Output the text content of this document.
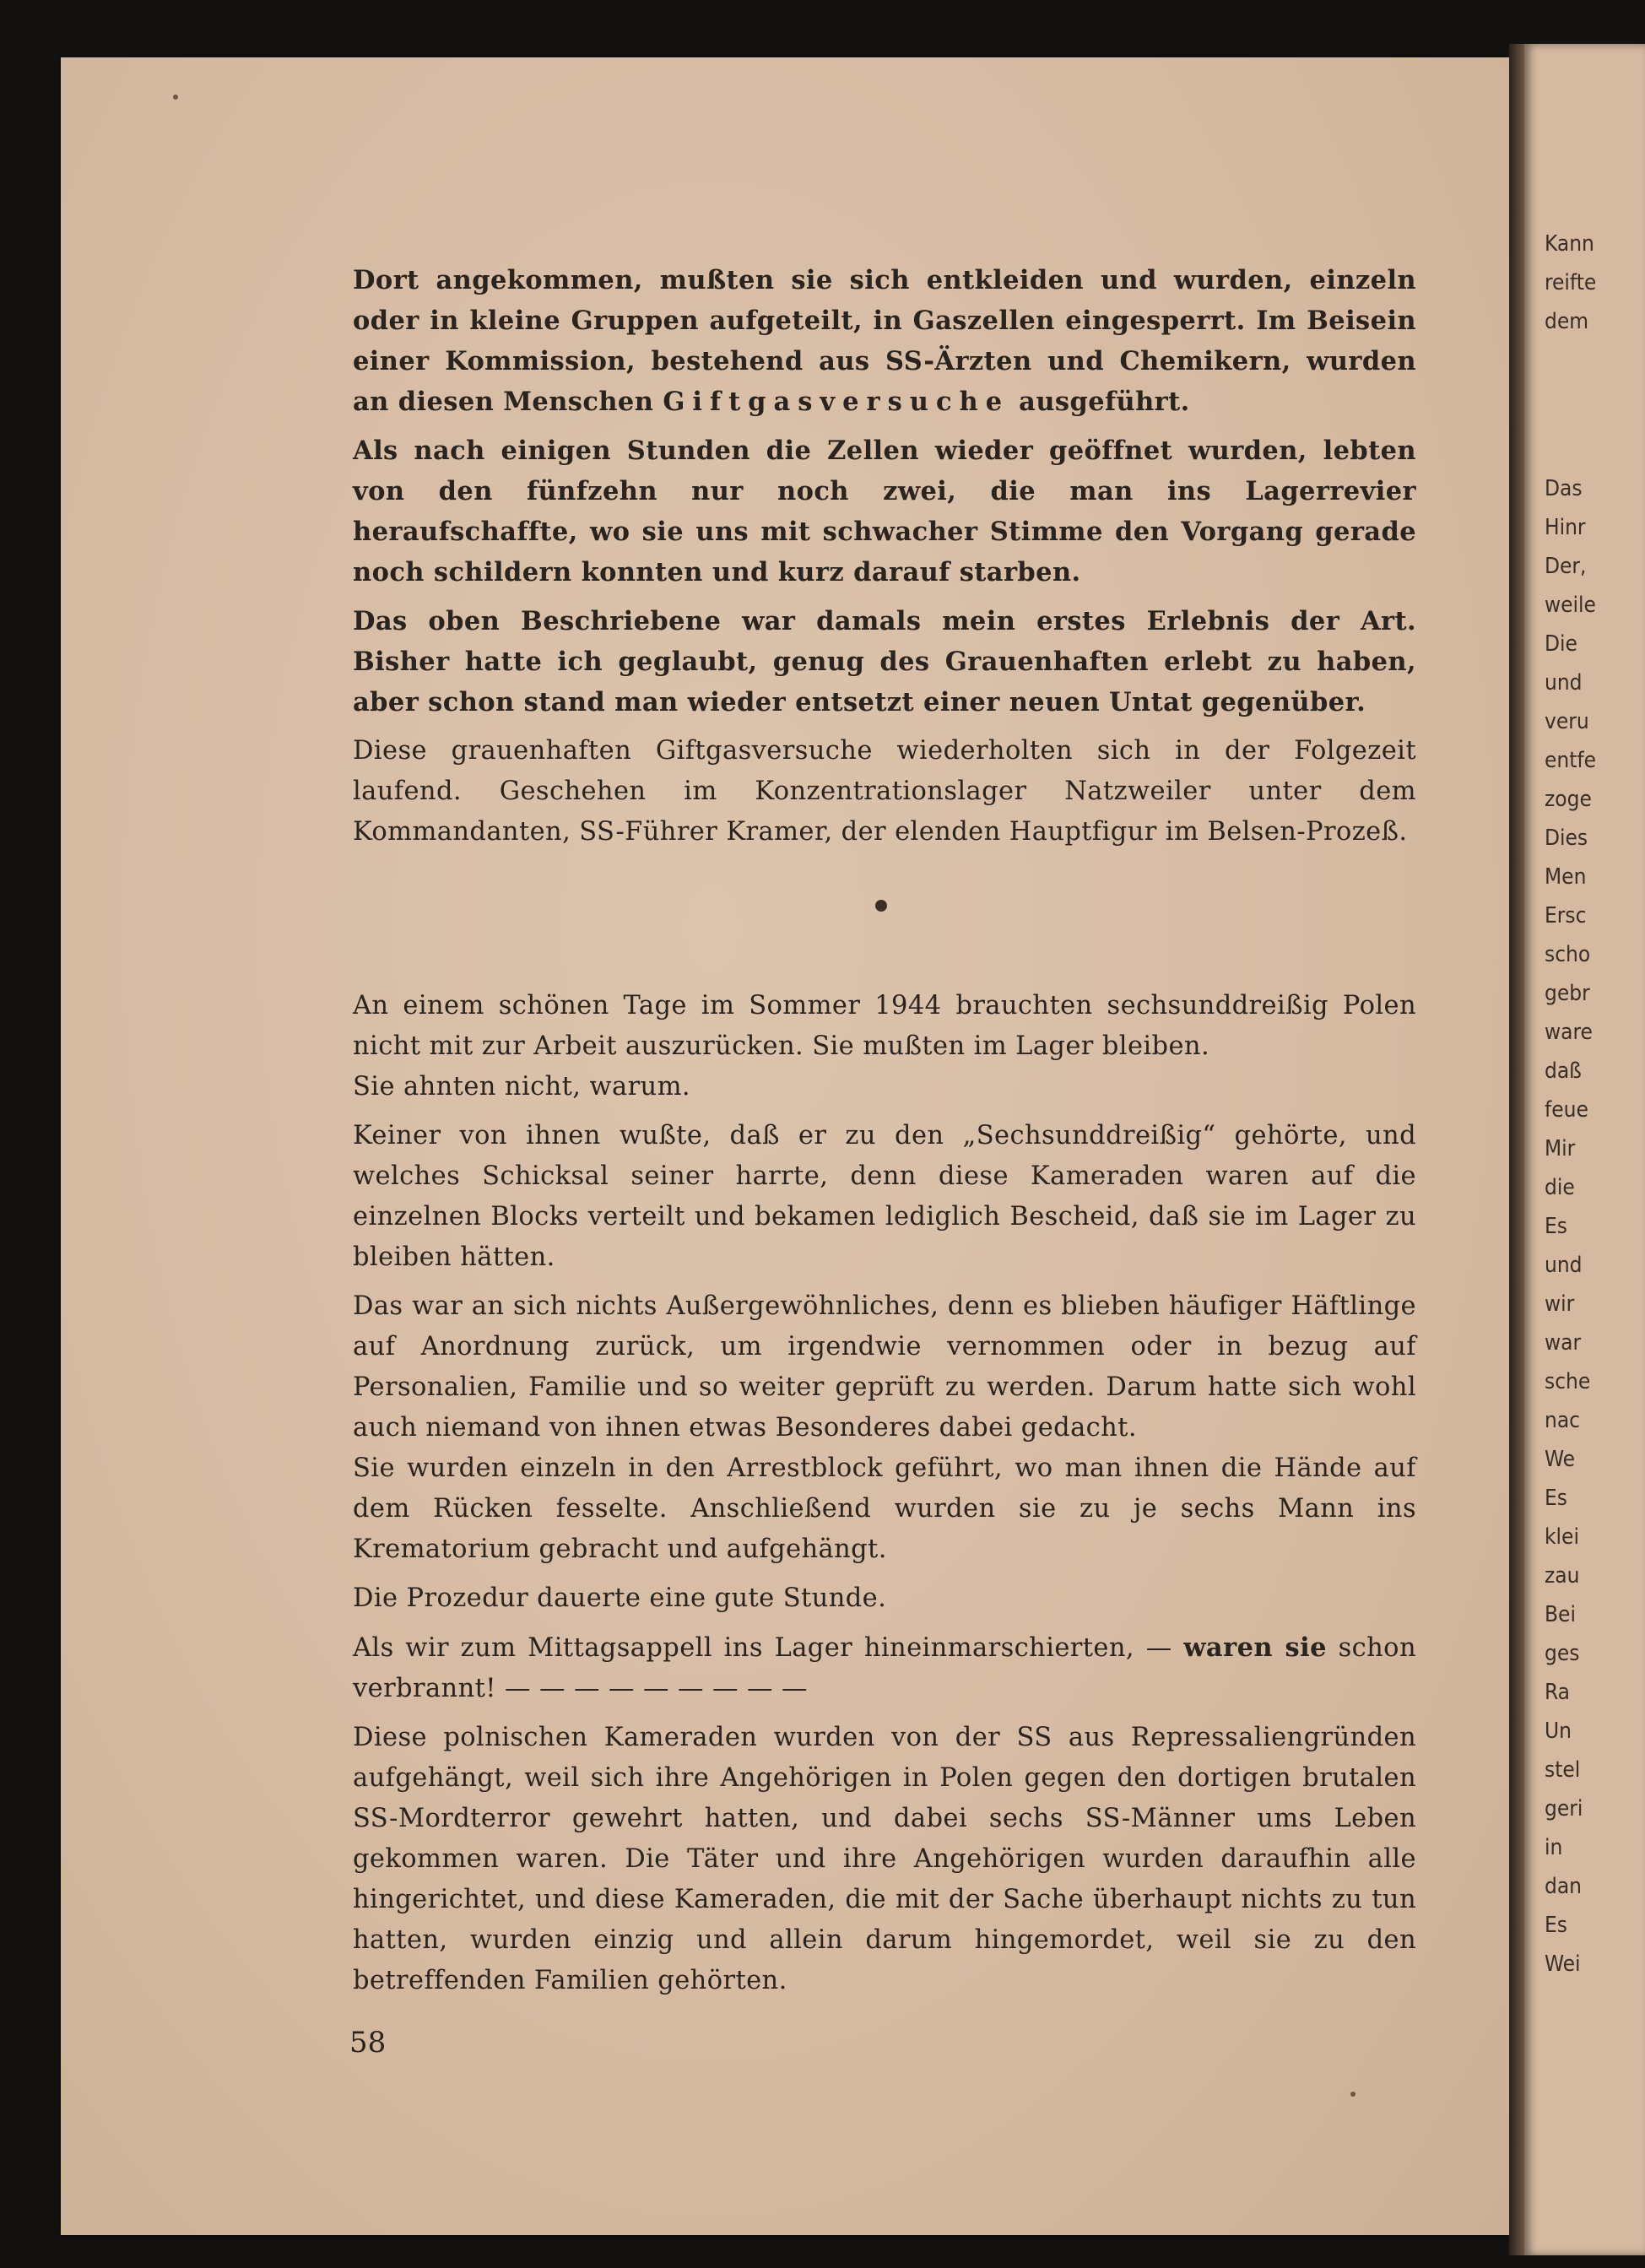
Kann
reifte
dem
Das
Hinr
Der,
weile
Die
und
veru
entfe
zoge
Dies
Men
Ersc
scho
gebr
ware
daß
feue
Mir
die
Es
und
wir
war
sche
nac
We
Es
klei
zau
Bei
ges
Ra
Un
stel
geri
in
dan
Es
Wei

Dort angekommen, mußten sie sich entkleiden und wurden, einzeln oder in kleine Gruppen aufgeteilt, in Gaszellen eingesperrt. Im Beisein einer Kommission, bestehend aus SS-Ärzten und Chemikern, wurden an diesen Menschen Giftgasversuche ausgeführt.

Als nach einigen Stunden die Zellen wieder geöffnet wurden, lebten von den fünfzehn nur noch zwei, die man ins Lagerrevier heraufschaffte, wo sie uns mit schwacher Stimme den Vorgang gerade noch schildern konnten und kurz darauf starben.

Das oben Beschriebene war damals mein erstes Erlebnis der Art. Bisher hatte ich geglaubt, genug des Grauenhaften erlebt zu haben, aber schon stand man wieder entsetzt einer neuen Untat gegenüber.

Diese grauenhaften Giftgasversuche wiederholten sich in der Folgezeit laufend. Geschehen im Konzentrationslager Natzweiler unter dem Kommandanten, SS-Führer Kramer, der elenden Hauptfigur im Belsen-Prozeß.

An einem schönen Tage im Sommer 1944 brauchten sechsunddreißig Polen nicht mit zur Arbeit auszurücken. Sie mußten im Lager bleiben.

Sie ahnten nicht, warum.

Keiner von ihnen wußte, daß er zu den „Sechsunddreißig“ gehörte, und welches Schicksal seiner harrte, denn diese Kameraden waren auf die einzelnen Blocks verteilt und bekamen lediglich Bescheid, daß sie im Lager zu bleiben hätten.

Das war an sich nichts Außergewöhnliches, denn es blieben häufiger Häftlinge auf Anordnung zurück, um irgendwie vernommen oder in bezug auf Personalien, Familie und so weiter geprüft zu werden. Darum hatte sich wohl auch niemand von ihnen etwas Besonderes dabei gedacht.

Sie wurden einzeln in den Arrestblock geführt, wo man ihnen die Hände auf dem Rücken fesselte. Anschließend wurden sie zu je sechs Mann ins Krematorium gebracht und aufgehängt.

Die Prozedur dauerte eine gute Stunde.

Als wir zum Mittagsappell ins Lager hineinmarschierten, — waren sie schon verbrannt! — — — — — — — — —

Diese polnischen Kameraden wurden von der SS aus Repressaliengründen aufgehängt, weil sich ihre Angehörigen in Polen gegen den dortigen brutalen SS-Mordterror gewehrt hatten, und dabei sechs SS-Männer ums Leben gekommen waren. Die Täter und ihre Angehörigen wurden daraufhin alle hingerichtet, und diese Kameraden, die mit der Sache überhaupt nichts zu tun hatten, wurden einzig und allein darum hingemordet, weil sie zu den betreffenden Familien gehörten.

58
